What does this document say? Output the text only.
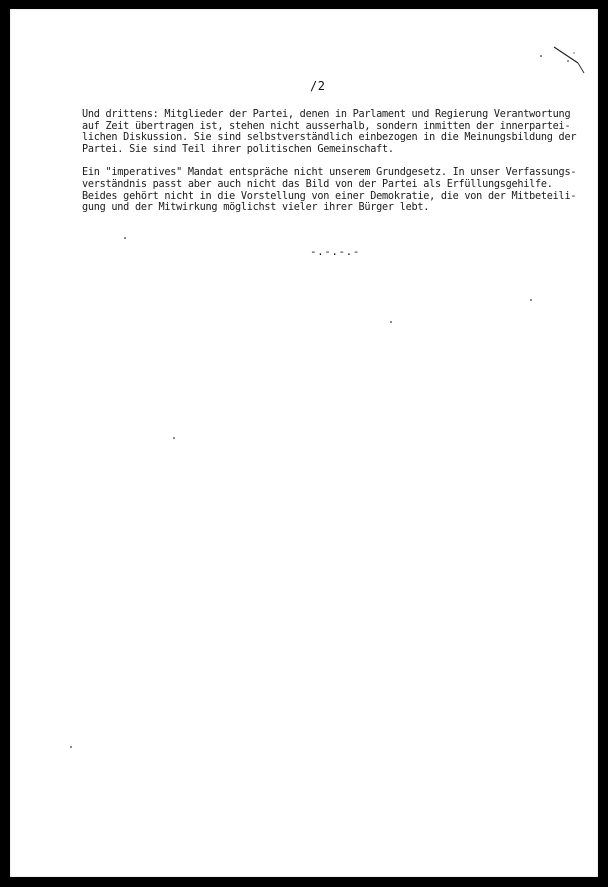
/2
Und drittens: Mitglieder der Partei, denen in Parlament und Regierung Verantwortung
auf Zeit übertragen ist, stehen nicht ausserhalb, sondern inmitten der innerpartei-
lichen Diskussion. Sie sind selbstverständlich einbezogen in die Meinungsbildung der
Partei. Sie sind Teil ihrer politischen Gemeinschaft.
Ein "imperatives" Mandat entspräche nicht unserem Grundgesetz. In unser Verfassungs-
verständnis passt aber auch nicht das Bild von der Partei als Erfüllungsgehilfe.
Beides gehört nicht in die Vorstellung von einer Demokratie, die von der Mitbeteili-
gung und der Mitwirkung möglichst vieler ihrer Bürger lebt.
-.-.-.-
